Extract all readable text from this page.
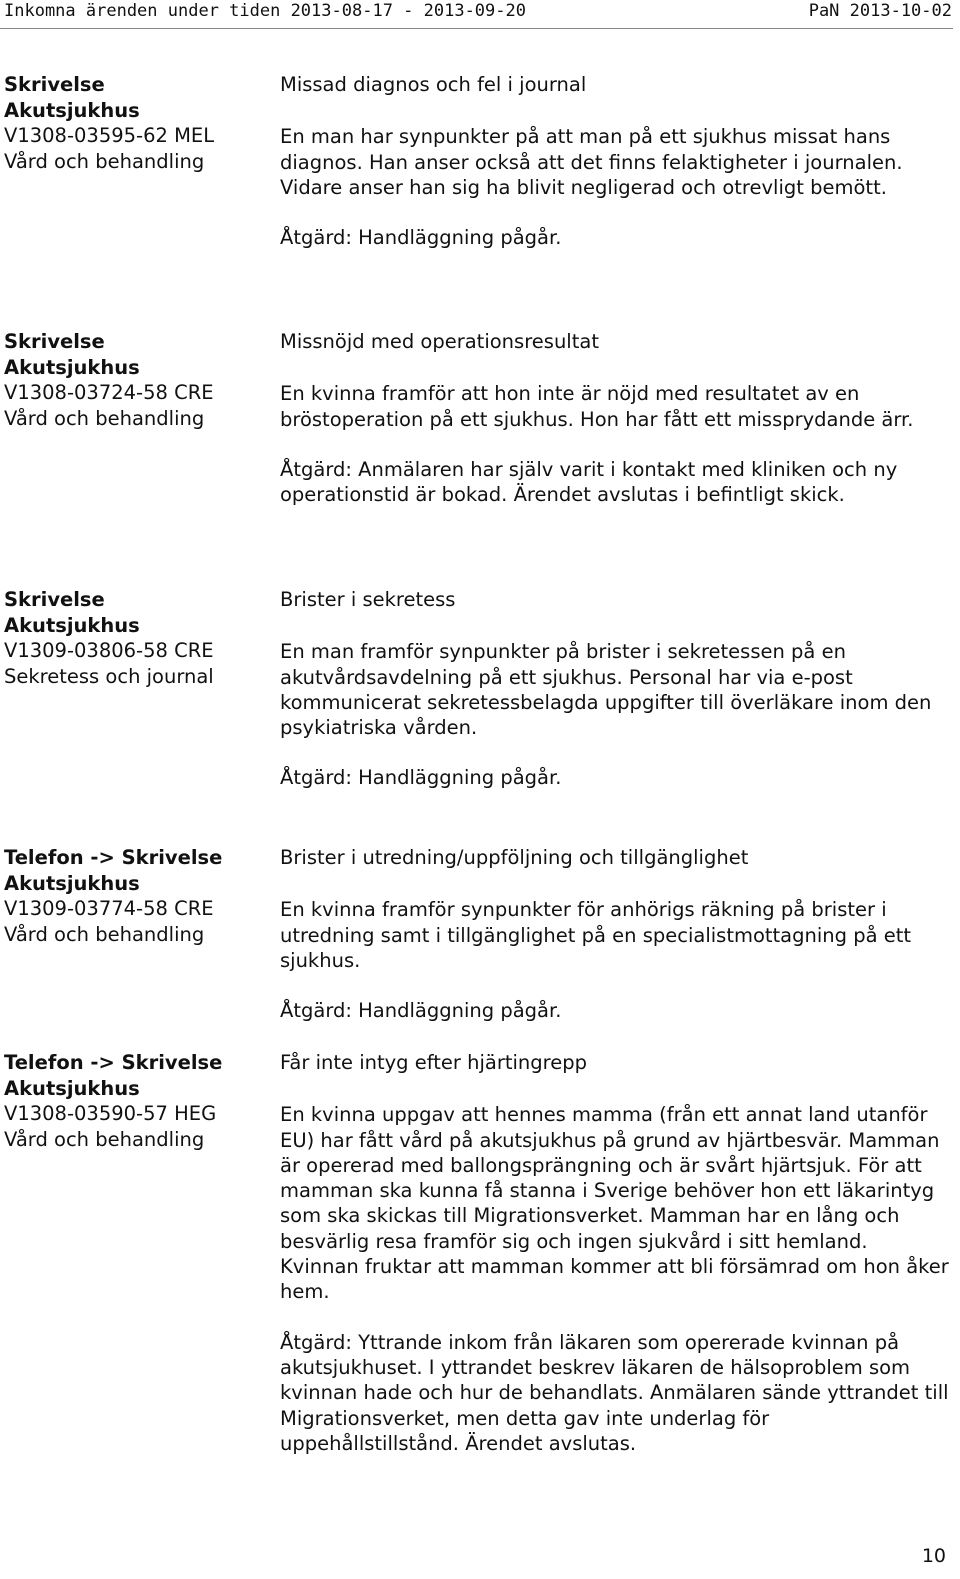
Inkomna ärenden under tiden 2013-08-17 - 2013-09-20	PaN 2013-10-02
Skrivelse
Akutsjukhus
V1308-03595-62 MEL
Vård och behandling
Missad diagnos och fel i journal
En man har synpunkter på att man på ett sjukhus missat hans diagnos. Han anser också att det finns felaktigheter i journalen. Vidare anser han sig ha blivit negligerad och otrevligt bemött.
Åtgärd: Handläggning pågår.
Skrivelse
Akutsjukhus
V1308-03724-58 CRE
Vård och behandling
Missnöjd med operationsresultat
En kvinna framför att hon inte är nöjd med resultatet av en bröstoperation på ett sjukhus. Hon har fått ett missprydande ärr.
Åtgärd: Anmälaren har själv varit i kontakt med kliniken och ny operationstid är bokad. Ärendet avslutas i befintligt skick.
Skrivelse
Akutsjukhus
V1309-03806-58 CRE
Sekretess och journal
Brister i sekretess
En man framför synpunkter på brister i sekretessen på en akutvårdsavdelning på ett sjukhus. Personal har via e-post kommunicerat sekretessbelagda uppgifter till överläkare inom den psykiatriska vården.
Åtgärd: Handläggning pågår.
Telefon -> Skrivelse
Akutsjukhus
V1309-03774-58 CRE
Vård och behandling
Brister i utredning/uppföljning och tillgänglighet
En kvinna framför synpunkter för anhörigs räkning på brister i utredning samt i tillgänglighet på en specialistmottagning på ett sjukhus.
Åtgärd: Handläggning pågår.
Telefon -> Skrivelse
Akutsjukhus
V1308-03590-57 HEG
Vård och behandling
Får inte intyg efter hjärtingrepp
En kvinna uppgav att hennes mamma (från ett annat land utanför EU) har fått vård på akutsjukhus på grund av hjärtbesvär. Mamman är opererad med ballongsprängning och är svårt hjärtsjuk. För att mamman ska kunna få stanna i Sverige behöver hon ett läkarintyg som ska skickas till Migrationsverket. Mamman har en lång och besvärlig resa framför sig och ingen sjukvård i sitt hemland. Kvinnan fruktar att mamman kommer att bli försämrad om hon åker hem.
Åtgärd: Yttrande inkom från läkaren som opererade kvinnan på akutsjukhuset. I yttrandet beskrev läkaren de hälsoproblem som kvinnan hade och hur de behandlats. Anmälaren sände yttrandet till Migrationsverket, men detta gav inte underlag för uppehållstillstånd. Ärendet avslutas.
10
